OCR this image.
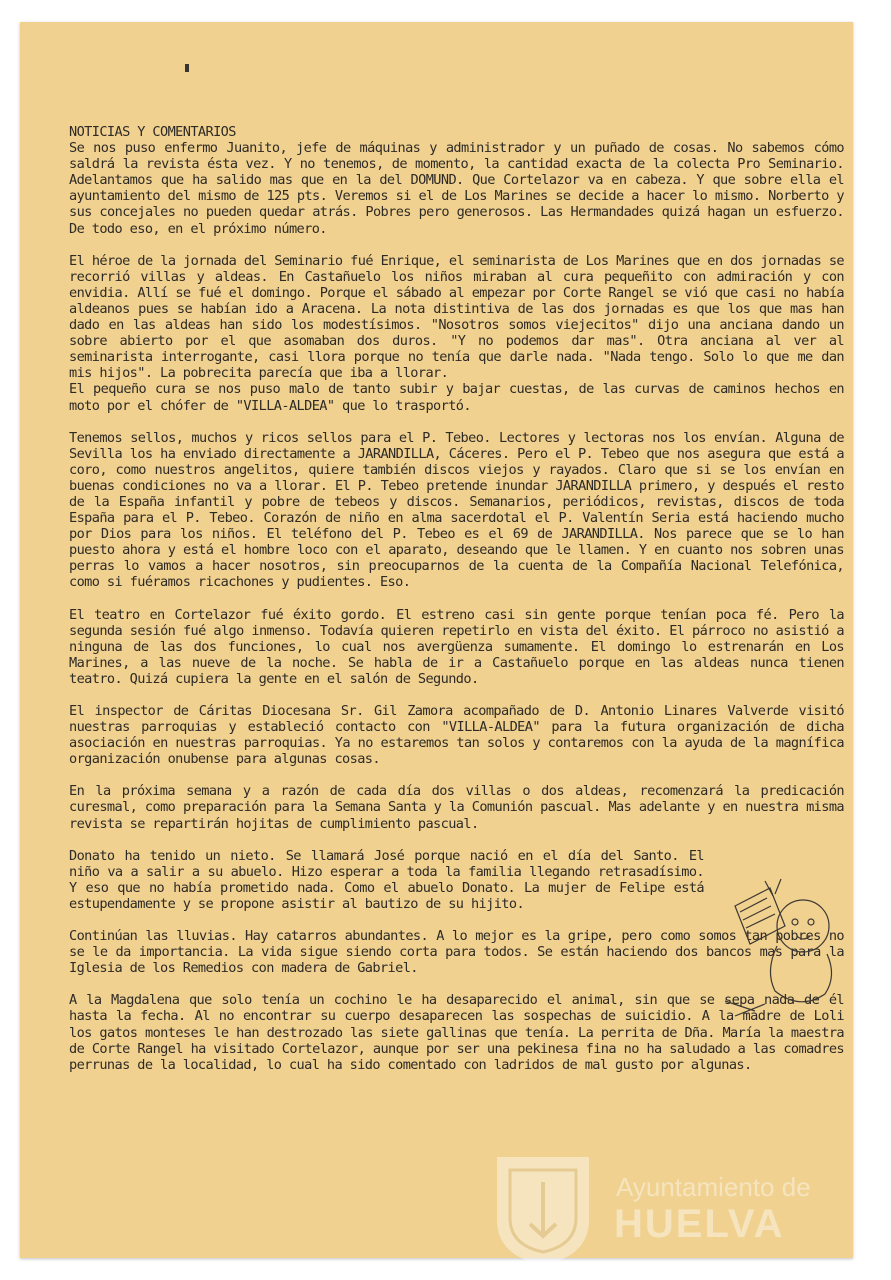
NOTICIAS Y COMENTARIOS

Se nos puso enfermo Juanito, jefe de máquinas y administrador y un puñado de cosas. No sabemos cómo saldrá la revista ésta vez. Y no tenemos, de momento, la cantidad exacta de la colecta Pro Seminario. Adelantamos que ha salido mas que en la del DOMUND. Que Cortelazor va en cabeza. Y que sobre ella el ayuntamiento del mismo de 125 pts. Veremos si el de Los Marines se decide a hacer lo mismo. Norberto y sus concejales no pueden quedar atrás. Pobres pero generosos. Las Hermandades quizá hagan un esfuerzo. De todo eso, en el próximo número.

El héroe de la jornada del Seminario fué Enrique, el seminarista de Los Marines que en dos jornadas se recorrió villas y aldeas. En Castañuelo los niños miraban al cura pequeñito con admiración y con envidia. Allí se fué el domingo. Porque el sábado al empezar por Corte Rangel se vió que casi no había aldeanos pues se habían ido a Aracena. La nota distintiva de las dos jornadas es que los que mas han dado en las aldeas han sido los modestísimos. "Nosotros somos viejecitos" dijo una anciana dando un sobre abierto por el que asomaban dos duros. "Y no podemos dar mas". Otra anciana al ver al seminarista interrogante, casi llora porque no tenía que darle nada. "Nada tengo. Solo lo que me dan mis hijos". La pobrecita parecía que iba a llorar.

El pequeño cura se nos puso malo de tanto subir y bajar cuestas, de las curvas de caminos hechos en moto por el chófer de "VILLA-ALDEA" que lo trasportó.

Tenemos sellos, muchos y ricos sellos para el P. Tebeo. Lectores y lectoras nos los envían. Alguna de Sevilla los ha enviado directamente a JARANDILLA, Cáceres. Pero el P. Tebeo que nos asegura que está a coro, como nuestros angelitos, quiere también discos viejos y rayados. Claro que si se los envían en buenas condiciones no va a llorar. El P. Tebeo pretende inundar JARANDILLA primero, y después el resto de la España infantil y pobre de tebeos y discos. Semanarios, periódicos, revistas, discos de toda España para el P. Tebeo. Corazón de niño en alma sacerdotal el P. Valentín Seria está haciendo mucho por Dios para los niños. El teléfono del P. Tebeo es el 69 de JARANDILLA. Nos parece que se lo han puesto ahora y está el hombre loco con el aparato, deseando que le llamen. Y en cuanto nos sobren unas perras lo vamos a hacer nosotros, sin preocuparnos de la cuenta de la Compañía Nacional Telefónica, como si fuéramos ricachones y pudientes. Eso.

El teatro en Cortelazor fué éxito gordo. El estreno casi sin gente porque tenían poca fé. Pero la segunda sesión fué algo inmenso. Todavía quieren repetirlo en vista del éxito. El párroco no asistió a ninguna de las dos funciones, lo cual nos avergüenza sumamente. El domingo lo estrenarán en Los Marines, a las nueve de la noche. Se habla de ir a Castañuelo porque en las aldeas nunca tienen teatro. Quizá cupiera la gente en el salón de Segundo.

El inspector de Cáritas Diocesana Sr. Gil Zamora acompañado de D. Antonio Linares Valverde visitó nuestras parroquias y estableció contacto con "VILLA-ALDEA" para la futura organización de dicha asociación en nuestras parroquias. Ya no estaremos tan solos y contaremos con la ayuda de la magnífica organización onubense para algunas cosas.

En la próxima semana y a razón de cada día dos villas o dos aldeas, recomenzará la predicación curesmal, como preparación para la Semana Santa y la Comunión pascual. Mas adelante y en nuestra misma revista se repartirán hojitas de cumplimiento pascual.

Donato ha tenido un nieto. Se llamará José porque nació en el día del Santo. El niño va a salir a su abuelo. Hizo esperar a toda la familia llegando retrasadísimo. Y eso que no había prometido nada. Como el abuelo Donato. La mujer de Felipe está estupendamente y se propone asistir al bautizo de su hijito.

Continúan las lluvias. Hay catarros abundantes. A lo mejor es la gripe, pero como somos tan pobres no se le da importancia. La vida sigue siendo corta para todos. Se están haciendo dos bancos mas para la Iglesia de los Remedios con madera de Gabriel.

A la Magdalena que solo tenía un cochino le ha desaparecido el animal, sin que se sepa nada de él hasta la fecha. Al no encontrar su cuerpo desaparecen las sospechas de suicidio. A la madre de Loli los gatos monteses le han destrozado las siete gallinas que tenía. La perrita de Dña. María la maestra de Corte Rangel ha visitado Cortelazor, aunque por ser una pekinesa fina no ha saludado a las comadres perrunas de la localidad, lo cual ha sido comentado con ladridos de mal gusto por algunas.

Ayuntamiento de
HUELVA
